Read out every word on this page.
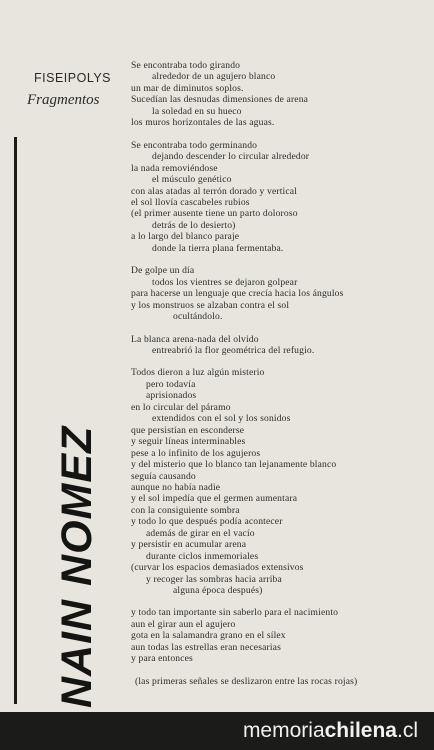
FISEIPOLYS
Fragmentos
NAIN NOMEZ
Se encontraba todo girando
alrededor de un agujero blanco
un mar de diminutos soplos.
Sucedían las desnudas dimensiones de arena
la soledad en su hueco
los muros horizontales de las aguas.
Se encontraba todo germinando
dejando descender lo circular alrededor
la nada removiéndose
el músculo genético
con alas atadas al terrón dorado y vertical
el sol llovía cascabeles rubios
(el primer ausente tiene un parto doloroso
detrás de lo desierto)
a lo largo del blanco paraje
donde la tierra plana fermentaba.
De golpe un día
todos los vientres se dejaron golpear
para hacerse un lenguaje que crecía hacia los ángulos
y los monstruos se alzaban contra el sol
ocultándolo.
La blanca arena-nada del olvido
entreabrió la flor geométrica del refugio.
Todos dieron a luz algún misterio
pero todavía
aprisionados
en lo circular del páramo
extendidos con el sol y los sonidos
que persistían en esconderse
y seguir líneas interminables
pese a lo infinito de los agujeros
y del misterio que lo blanco tan lejanamente blanco
seguía causando
aunque no había nadie
y el sol impedía que el germen aumentara
con la consiguiente sombra
y todo lo que después podía acontecer
además de girar en el vacío
y persistir en acumular arena
durante ciclos inmemoriales
(curvar los espacios demasiados extensivos
y recoger las sombras hacia arriba
alguna época después)
y todo tan importante sin saberlo para el nacimiento
aun el girar aun el agujero
gota en la salamandra grano en el sílex
aun todas las estrellas eran necesarias
y para entonces
(las primeras señales se deslizaron entre las rocas rojas)
memoria chilena .cl
